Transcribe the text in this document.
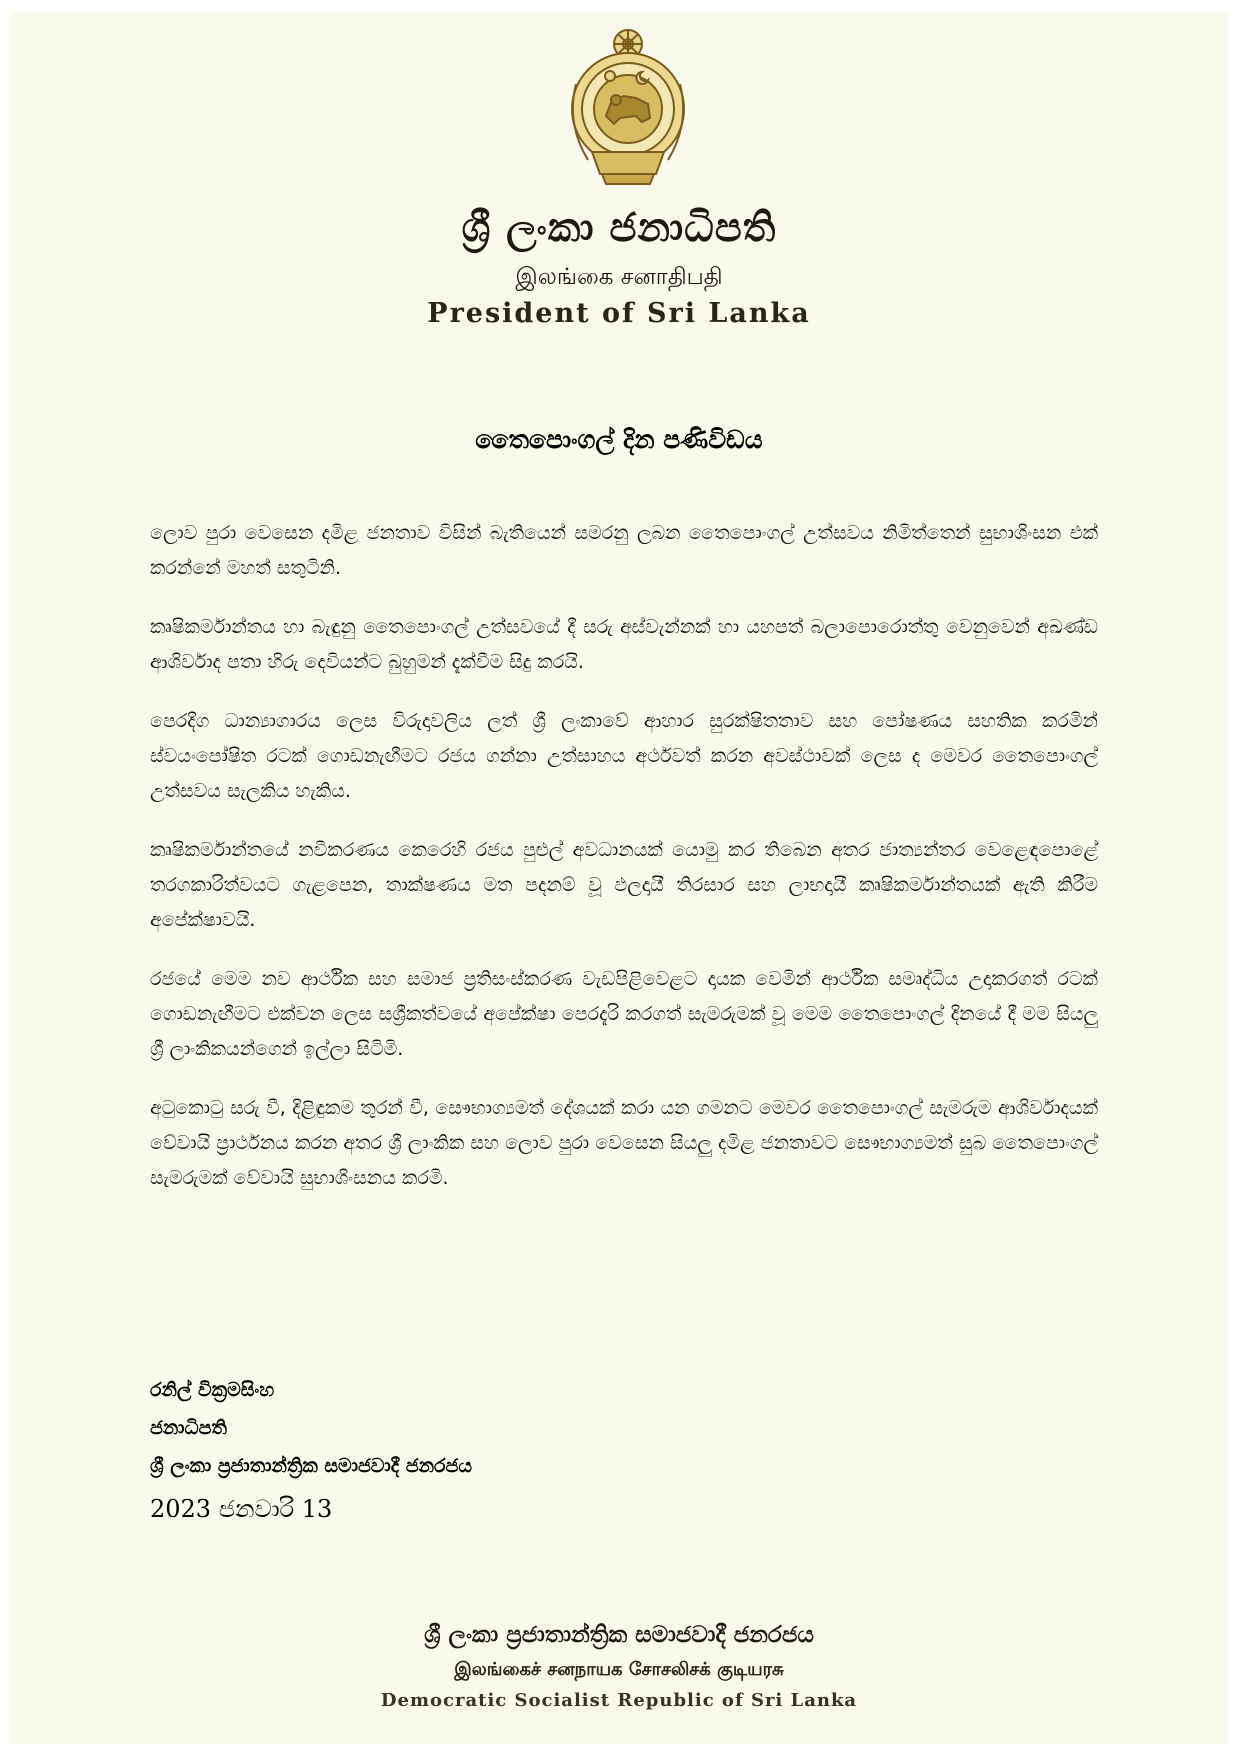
ශ්‍රී ලංකා ජනාධිපති
இலங்கை சனாதிபதி
President of Sri Lanka
තෛපොංගල් දින පණිවිඩය

ලොව පුරා වෙසෙන දමිළ ජනතාව විසින් බැතියෙන් සමරනු ලබන තෛපොංගල් උත්සවය නිමිත්තෙන් සුභාශිංසන එක් කරන්නේ මහත් සතුටිනි.

කෘෂිකර්මාන්තය හා බැඳුනු තෛපොංගල් උත්සවයේ දී සරු අස්වැන්නක් හා යහපත් බලාපොරොත්තු වෙනුවෙන් අඛණ්ඩ ආශිර්වාද පතා හිරු දෙවියන්ට බුහුමන් දැක්වීම සිදු කරයි.

පෙරදිග ධාන්‍යාගාරය ලෙස විරුදාවලිය ලත් ශ්‍රී ලංකාවේ ආහාර සුරක්ෂිතතාව සහ පෝෂණය සහතික කරමින් ස්වයංපෝෂිත රටක් ගොඩනැඟීමට රජය ගන්නා උත්සාහය අර්ථවත් කරන අවස්ථාවක් ලෙස ද මෙවර තෛපොංගල් උත්සවය සැලකිය හැකිය.

කෘෂිකර්මාන්තයේ නවීකරණය කෙරෙහි රජය පුළුල් අවධානයක් යොමු කර තිබෙන අතර ජාත්‍යන්තර වෙළෙඳපොළේ තරගකාරිත්වයට ගැළපෙන, තාක්ෂණය මත පදනම් වූ ඵලදායී තිරසාර සහ ලාභදායී කෘෂිකර්මාන්තයක් ඇති කිරීම අපේක්ෂාවයි.

රජයේ මෙම නව ආර්ථික සහ සමාජ ප්‍රතිසංස්කරණ වැඩපිළිවෙළට දායක වෙමින් ආර්ථික සමෘද්ධිය උදාකරගත් රටක් ගොඩනැඟීමට එක්වන ලෙස සශ්‍රීකත්වයේ අපේක්ෂා පෙරදැරි කරගත් සැමරුමක් වූ මෙම තෛපොංගල් දිනයේ දී මම සියලු ශ්‍රී ලාංකිකයන්ගෙන් ඉල්ලා සිටිමි.

අටුකොටු සරු වී, දිළිඳුකම තුරන් වී, සෞභාග්‍යමත් දේශයක් කරා යන ගමනට මෙවර තෛපොංගල් සැමරුම ආශිර්වාදයක් වේවායි ප්‍රාර්ථනය කරන අතර ශ්‍රී ලාංකික සහ ලොව පුරා වෙසෙන සියලු දමිළ ජනතාවට සෞභාග්‍යමත් සුබ තෛපොංගල් සැමරුමක් වේවායි සුභාශිංසනය කරමි.

රනිල් වික්‍රමසිංහ
ජනාධිපති
ශ්‍රී ලංකා ප්‍රජාතාන්ත්‍රික සමාජවාදී ජනරජය
2023 ජනවාරි 13
ශ්‍රී ලංකා ප්‍රජාතාන්ත්‍රික සමාජවාදී ජනරජය
இலங்கைச் சனநாயக சோசலிசக் குடியரசு
Democratic Socialist Republic of Sri Lanka
